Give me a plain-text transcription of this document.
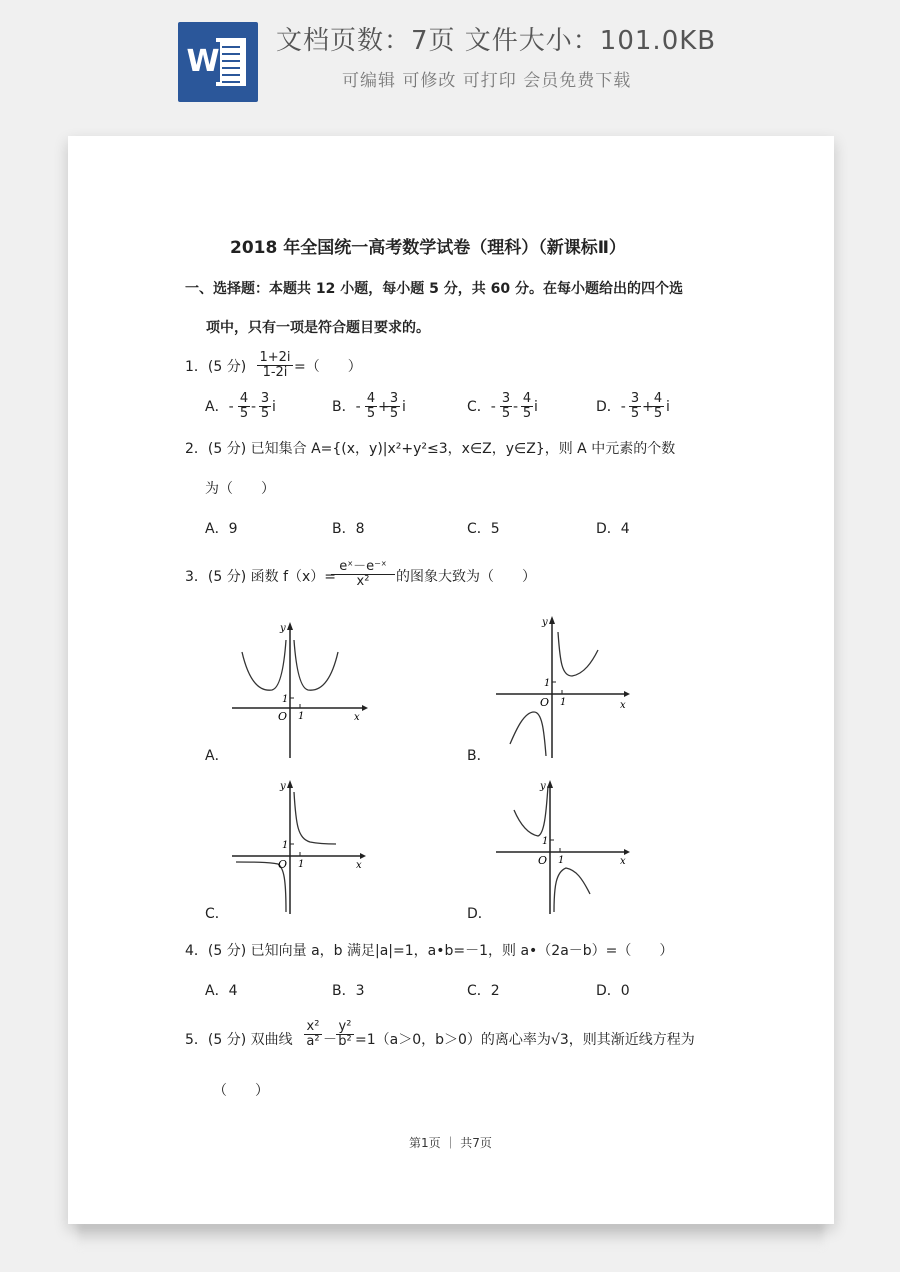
W
文档页数：7页 文件大小：101.0KB
可编辑 可修改 可打印 会员免费下载
2018 年全国统一高考数学试卷（理科）（新课标Ⅱ）
一、选择题：本题共 12 小题，每小题 5 分，共 60 分。在每小题给出的四个选
项中，只有一项是符合题目要求的。
1．(5 分) $\frac{1+2i}{1-2i}$ =（　　）
A．- $\frac{4}{5} - \frac{3}{5}$ i	B．- $\frac{4}{5}$ +
$\frac{3}{5}$ i	C．- $\frac{3}{5} - \frac{4}{5}$ i	D．- $\frac{3}{5}$ +
$\frac{4}{5}$ i
2．(5 分) 已知集合 A={(x，y)|x²+y²≤3，x∈Z，y∈Z}，则 A 中元素的个数
为（　　）
A．9	B．8	C．5	D．4
3．(5 分) 函数 f（x）=
$\frac{\text{eˣ－e⁻ˣ}}{\text{x²}}$ 的图象大致为（　　）
y
x
O
1
1
A．
y
x
O
1
1
B．
y
x
O
1
1
C．
y
x
O
1
1
D．
4．(5 分) 已知向量 a，b 满足|a|=1，a•b=－1，则 a•（2a－b）=（　　）
A．4	B．3	C．2	D．0
5．(5 分) 双曲线 $\frac{\text{x²}}{\text{a²}} - \frac{\text{y²}}{\text{b²}} =1(a>0$，b＞0）的离心率为√3，则其渐近线方程为
（　　）
第1页 ｜ 共7页
